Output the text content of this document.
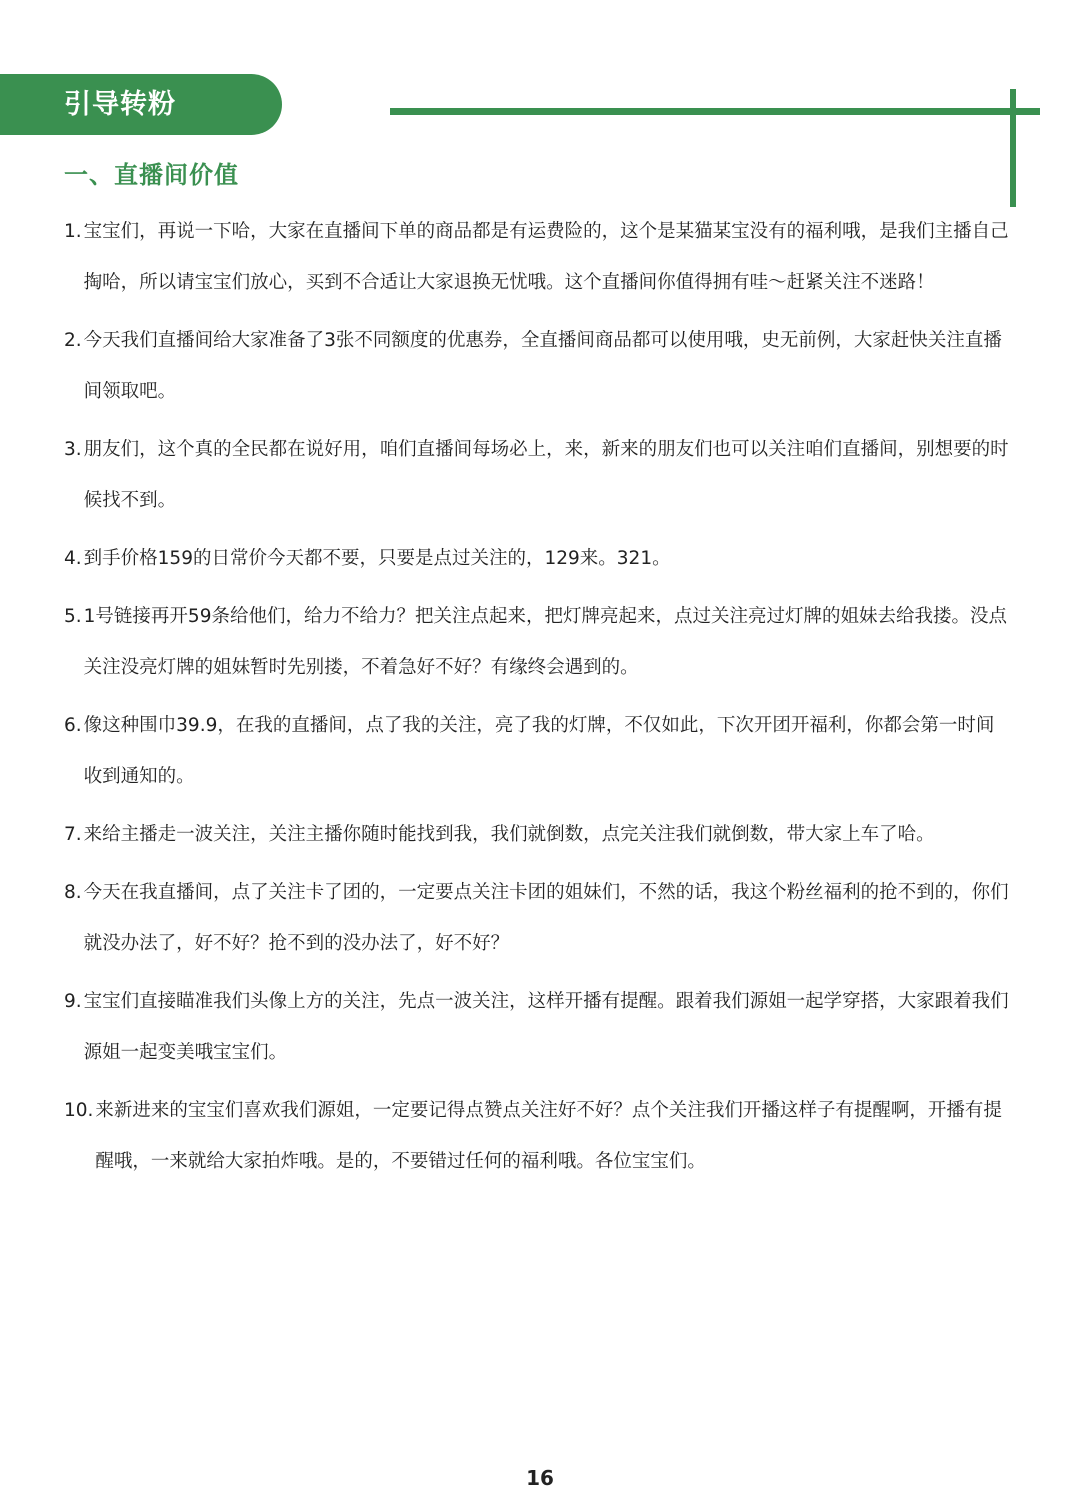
引导转粉
一、直播间价值
1. 宝宝们，再说一下哈，大家在直播间下单的商品都是有运费险的，这个是某猫某宝没有的福利哦，是我们主播自己掏哈，所以请宝宝们放心，买到不合适让大家退换无忧哦。这个直播间你值得拥有哇～赶紧关注不迷路！
2. 今天我们直播间给大家准备了3张不同额度的优惠券，全直播间商品都可以使用哦，史无前例，大家赶快关注直播间领取吧。
3. 朋友们，这个真的全民都在说好用，咱们直播间每场必上，来，新来的朋友们也可以关注咱们直播间，别想要的时候找不到。
4. 到手价格159的日常价今天都不要，只要是点过关注的，129来。321。
5. 1号链接再开59条给他们，给力不给力？把关注点起来，把灯牌亮起来，点过关注亮过灯牌的姐妹去给我搂。没点关注没亮灯牌的姐妹暂时先别搂，不着急好不好？有缘终会遇到的。
6. 像这种围巾39.9，在我的直播间，点了我的关注，亮了我的灯牌，不仅如此，下次开团开福利，你都会第一时间收到通知的。
7. 来给主播走一波关注，关注主播你随时能找到我，我们就倒数，点完关注我们就倒数，带大家上车了哈。
8. 今天在我直播间，点了关注卡了团的，一定要点关注卡团的姐妹们，不然的话，我这个粉丝福利的抢不到的，你们就没办法了，好不好？抢不到的没办法了，好不好？
9. 宝宝们直接瞄准我们头像上方的关注，先点一波关注，这样开播有提醒。跟着我们源姐一起学穿搭，大家跟着我们源姐一起变美哦宝宝们。
10. 来新进来的宝宝们喜欢我们源姐，一定要记得点赞点关注好不好？点个关注我们开播这样子有提醒啊，开播有提醒哦，一来就给大家拍炸哦。是的，不要错过任何的福利哦。各位宝宝们。
16
